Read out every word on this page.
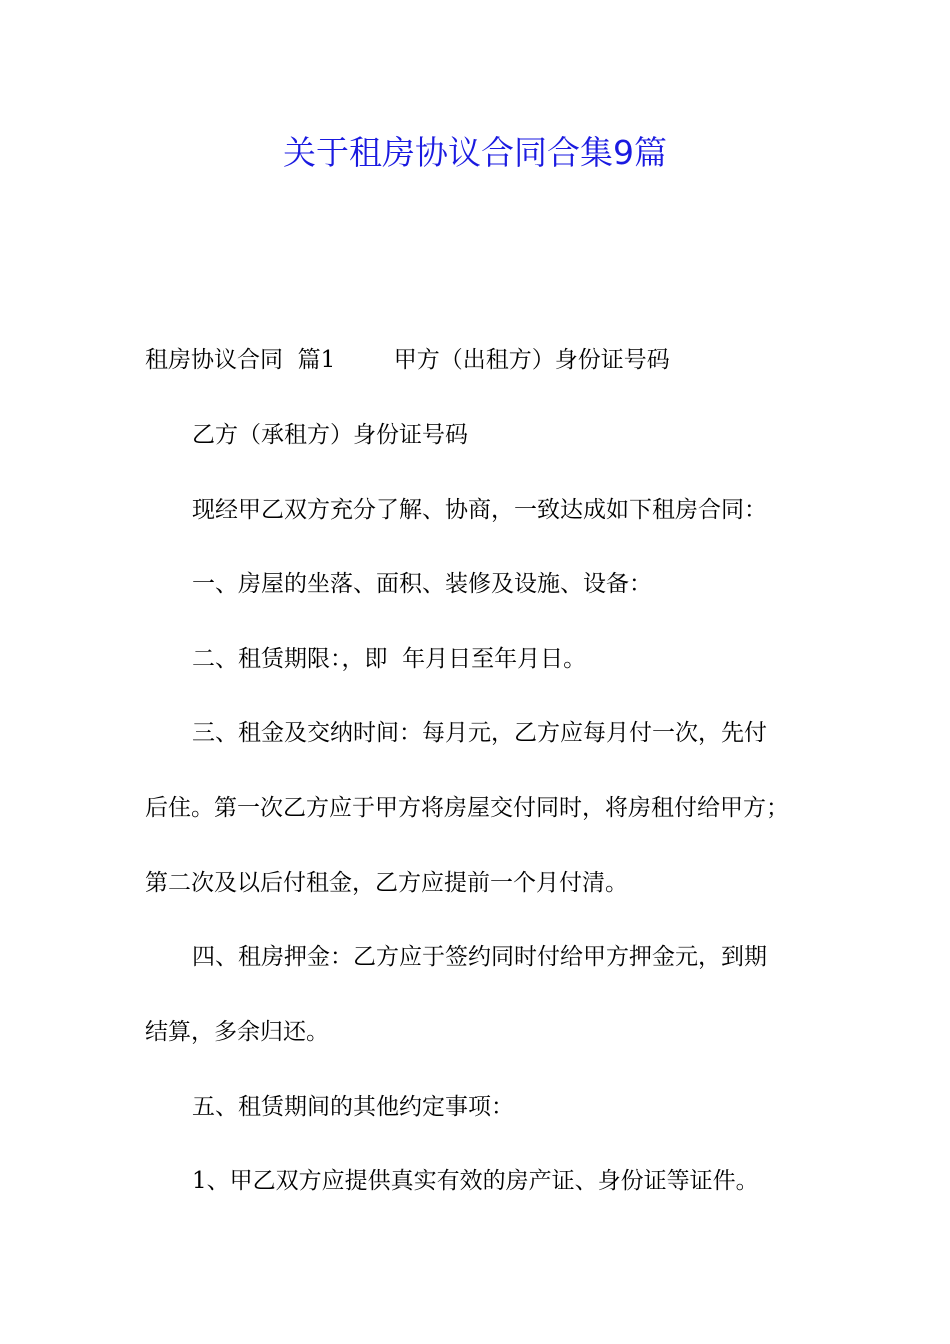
关于租房协议合同合集9篇
租房协议合同  篇1        甲方（出租方）身份证号码
乙方（承租方）身份证号码
现经甲乙双方充分了解、协商，一致达成如下租房合同：
一、房屋的坐落、面积、装修及设施、设备：
二、租赁期限：，即  年月日至年月日。
三、租金及交纳时间：每月元，乙方应每月付一次，先付
后住。第一次乙方应于甲方将房屋交付同时，将房租付给甲方；
第二次及以后付租金，乙方应提前一个月付清。
四、租房押金：乙方应于签约同时付给甲方押金元，到期
结算，多余归还。
五、租赁期间的其他约定事项：
1、甲乙双方应提供真实有效的房产证、身份证等证件。
